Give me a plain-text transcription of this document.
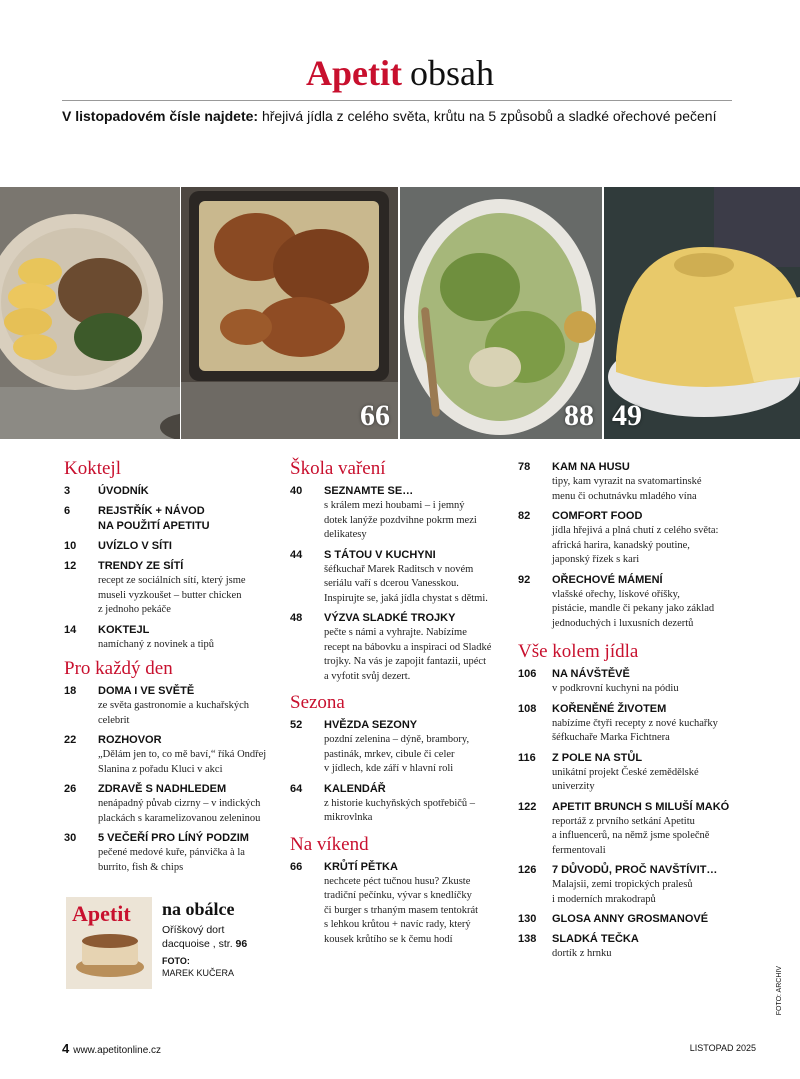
Apetit obsah
V listopadovém čísle najdete: hřejivá jídla z celého světa, krůtu na 5 způsobů a sladké ořechové pečení
66	88 49
Koktejl
3	ÚVODNÍK
6	REJSTŘÍK + NÁVOD
NA POUŽITÍ APETITU
10	UVÍZLO V SÍTI
12	TRENDY ZE SÍTÍ
recept ze sociálních sítí, který jsme
museli vyzkoušet – butter chicken
z jednoho pekáče
14	KOKTEJL
namíchaný z novinek a tipů
Pro každý den
18	DOMA I VE SVĚTĚ
ze světa gastronomie a kuchařských
celebrit
22	ROZHOVOR
„Dělám jen to, co mě baví,“ říká Ondřej
Slanina z pořadu Kluci v akci
26	ZDRAVĚ S NADHLEDEM
nenápadný půvab cizrny – v indických
plackách s karamelizovanou zeleninou
30	5 VEČEŘÍ PRO LÍNÝ PODZIM
pečené medové kuře, pánvička à la
burrito, fish & chips
Apetit na obálce
Oříškový dort
dacquoise , str. 96
FOTO:
MAREK KUČERA
Škola vaření
40	SEZNAMTE SE…
s králem mezi houbami – i jemný
dotek lanýže pozdvihne pokrm mezi
delikatesy
44	S TÁTOU V KUCHYNI
šéfkuchař Marek Raditsch v novém
seriálu vaří s dcerou Vanesskou.
Inspirujte se, jaká jídla chystat s dětmi.
48	VÝZVA SLADKÉ TROJKY
pečte s námi a vyhrajte. Nabízíme
recept na bábovku a inspiraci od Sladké
trojky. Na vás je zapojit fantazii, upéct
a vyfotit svůj dezert.
Sezona
52	HVĚZDA SEZONY
pozdní zelenina – dýně, brambory,
pastinák, mrkev, cibule či celer
v jídlech, kde září v hlavní roli
64	KALENDÁŘ
z historie kuchyňských spotřebičů –
mikrovlnka
Na víkend
66	KRŮTÍ PĚTKA
nechcete péct tučnou husu? Zkuste
tradiční pečínku, vývar s knedlíčky
či burger s trhaným masem tentokrát
s lehkou krůtou + navíc rady, který
kousek krůtího se k čemu hodí
78	KAM NA HUSU
tipy, kam vyrazit na svatomartinské
menu či ochutnávku mladého vína
82	COMFORT FOOD
jídla hřejivá a plná chutí z celého světa:
africká harira, kanadský poutine,
japonský řízek s kari
92	OŘECHOVÉ MÁMENÍ
vlašské ořechy, lískové oříšky,
pistácie, mandle či pekany jako základ
jednoduchých i luxusních dezertů
Vše kolem jídla
106	NA NÁVŠTĚVĚ
v podkrovní kuchyni na pódiu
108	KOŘENĚNÉ ŽIVOTEM
nabízíme čtyři recepty z nové kuchařky
šéfkuchaře Marka Fichtnera
116	Z POLE NA STŮL
unikátní projekt České zemědělské
univerzity
122	APETIT BRUNCH S MILUŠÍ MAKÓ
reportáž z prvního setkání Apetitu
a influencerů, na němž jsme společně
fermentovali
126	7 DŮVODŮ, PROČ NAVŠTÍVIT…
Malajsii, zemi tropických pralesů
i moderních mrakodrapů
130	GLOSA ANNY GROSMANOVÉ
138	SLADKÁ TEČKA
dortík z hrnku
FOTO: ARCHIV
4 www.apetitonline.cz	LISTOPAD 2025
